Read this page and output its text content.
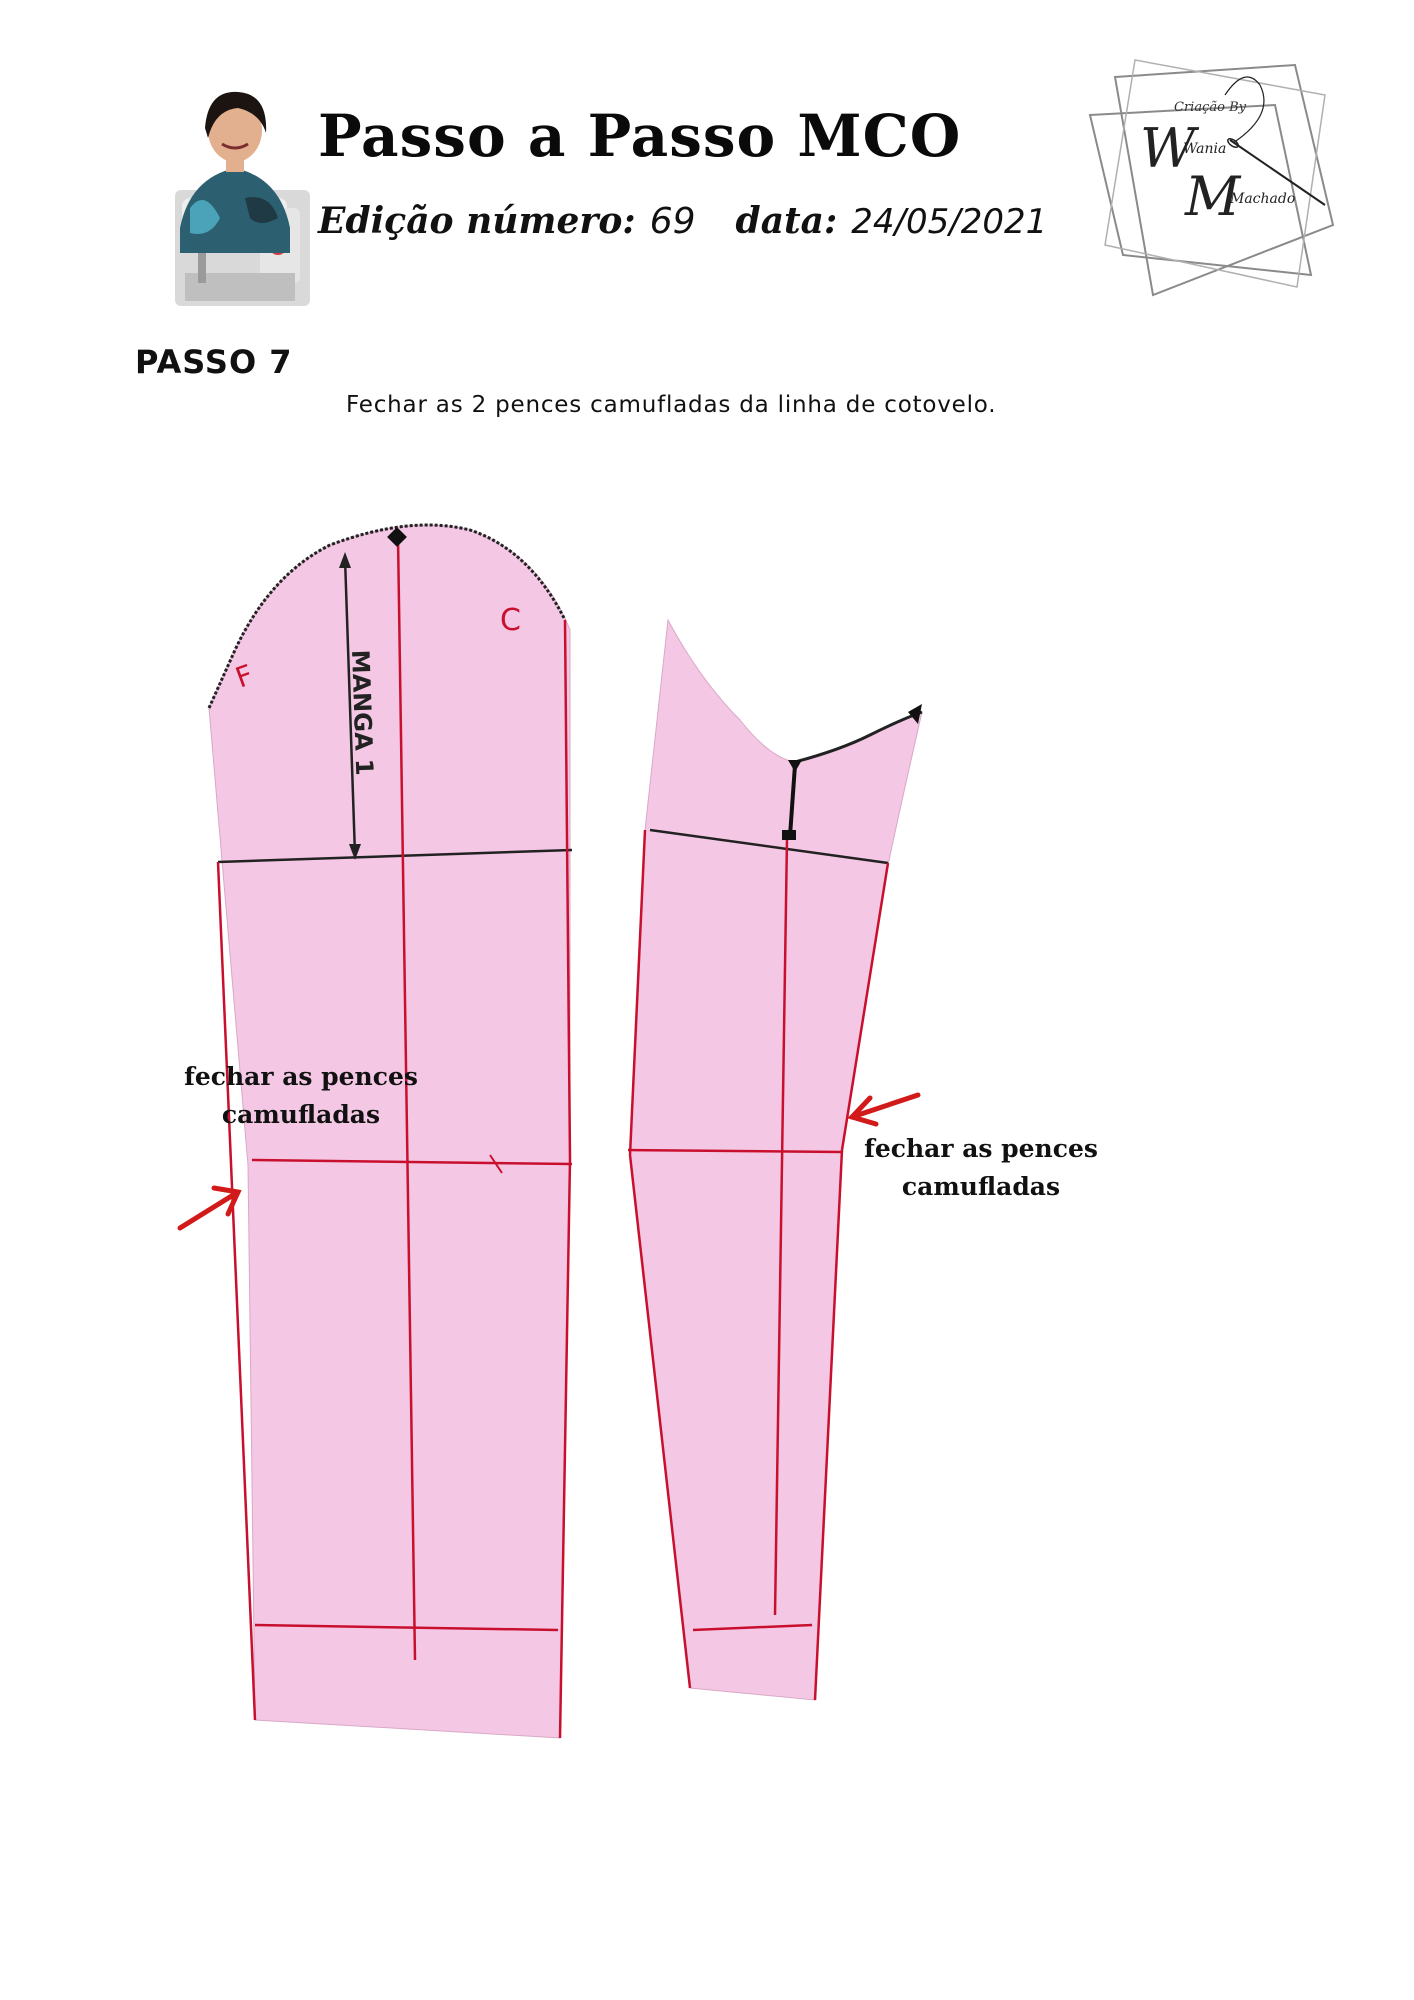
Passo a Passo MCO
Edição número: 69 data: 24/05/2021
Criação By
W
Wania
M
Machado
PASSO 7
Fechar as 2 pences camufladas da linha de cotovelo.
MANGA 1
F
C
fechar as pences
camufladas
fechar as pences
camufladas
